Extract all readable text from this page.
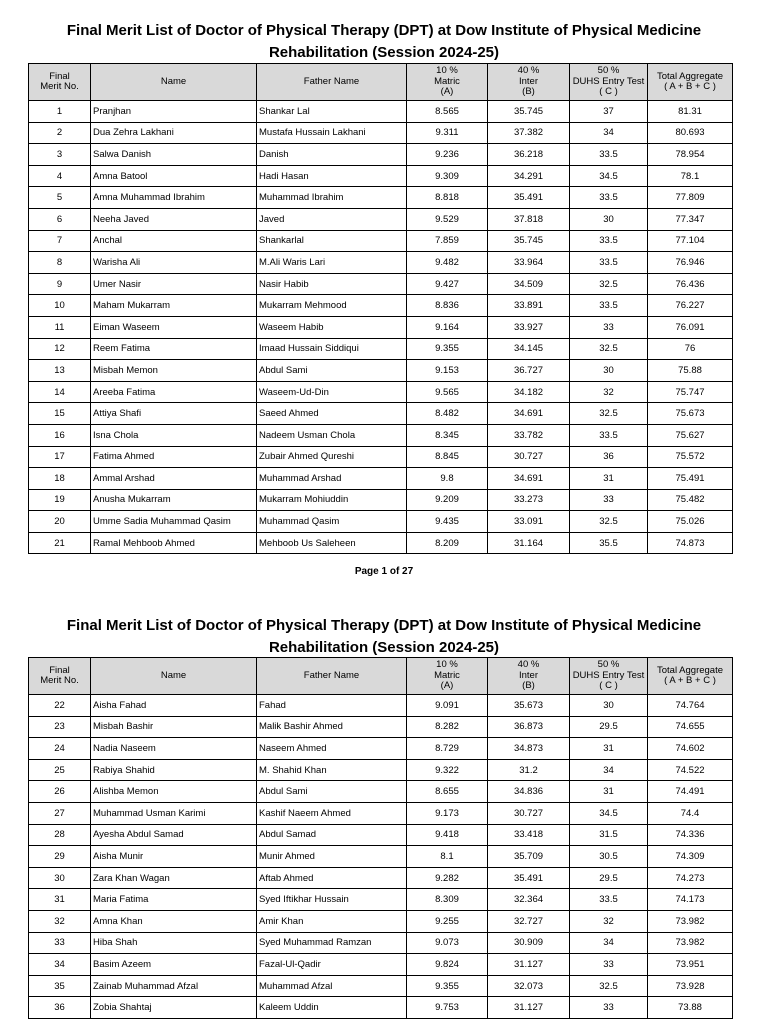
Final Merit List of Doctor of Physical Therapy (DPT) at Dow Institute of Physical Medicine
Rehabilitation (Session 2024-25)
Final
Merit No.	Name	Father Name	10 %
Matric
(A)	40 %
Inter
(B)	50 %
DUHS Entry Test
( C )	Total Aggregate
( A + B + C )

1	Pranjhan	Shankar Lal	8.565	35.745	37	81.31
2	Dua Zehra Lakhani	Mustafa Hussain Lakhani	9.311	37.382	34	80.693
3	Salwa Danish	Danish	9.236	36.218	33.5	78.954
4	Amna Batool	Hadi Hasan	9.309	34.291	34.5	78.1
5	Amna Muhammad Ibrahim	Muhammad Ibrahim	8.818	35.491	33.5	77.809
6	Neeha Javed	Javed	9.529	37.818	30	77.347
7	Anchal	Shankarlal	7.859	35.745	33.5	77.104
8	Warisha Ali	M.Ali Waris Lari	9.482	33.964	33.5	76.946
9	Umer Nasir	Nasir Habib	9.427	34.509	32.5	76.436
10	Maham Mukarram	Mukarram Mehmood	8.836	33.891	33.5	76.227
11	Eiman Waseem	Waseem Habib	9.164	33.927	33	76.091
12	Reem Fatima	Imaad Hussain Siddiqui	9.355	34.145	32.5	76
13	Misbah Memon	Abdul Sami	9.153	36.727	30	75.88
14	Areeba Fatima	Waseem-Ud-Din	9.565	34.182	32	75.747
15	Attiya Shafi	Saeed Ahmed	8.482	34.691	32.5	75.673
16	Isna Chola	Nadeem Usman Chola	8.345	33.782	33.5	75.627
17	Fatima Ahmed	Zubair Ahmed Qureshi	8.845	30.727	36	75.572
18	Ammal Arshad	Muhammad Arshad	9.8	34.691	31	75.491
19	Anusha Mukarram	Mukarram Mohiuddin	9.209	33.273	33	75.482
20	Umme Sadia Muhammad Qasim	Muhammad Qasim	9.435	33.091	32.5	75.026
21	Ramal Mehboob Ahmed	Mehboob Us Saleheen	8.209	31.164	35.5	74.873
Page 1 of 27
Final Merit List of Doctor of Physical Therapy (DPT) at Dow Institute of Physical Medicine
Rehabilitation (Session 2024-25)
Final
Merit No.	Name	Father Name	10 %
Matric
(A)	40 %
Inter
(B)	50 %
DUHS Entry Test
( C )	Total Aggregate
( A + B + C )

22	Aisha Fahad	Fahad	9.091	35.673	30	74.764
23	Misbah Bashir	Malik Bashir Ahmed	8.282	36.873	29.5	74.655
24	Nadia Naseem	Naseem Ahmed	8.729	34.873	31	74.602
25	Rabiya Shahid	M. Shahid Khan	9.322	31.2	34	74.522
26	Alishba Memon	Abdul Sami	8.655	34.836	31	74.491
27	Muhammad Usman Karimi	Kashif Naeem Ahmed	9.173	30.727	34.5	74.4
28	Ayesha Abdul Samad	Abdul Samad	9.418	33.418	31.5	74.336
29	Aisha Munir	Munir Ahmed	8.1	35.709	30.5	74.309
30	Zara Khan Wagan	Aftab Ahmed	9.282	35.491	29.5	74.273
31	Maria Fatima	Syed Iftikhar Hussain	8.309	32.364	33.5	74.173
32	Amna Khan	Amir Khan	9.255	32.727	32	73.982
33	Hiba Shah	Syed Muhammad Ramzan	9.073	30.909	34	73.982
34	Basim Azeem	Fazal-Ul-Qadir	9.824	31.127	33	73.951
35	Zainab Muhammad Afzal	Muhammad Afzal	9.355	32.073	32.5	73.928
36	Zobia Shahtaj	Kaleem Uddin	9.753	31.127	33	73.88
